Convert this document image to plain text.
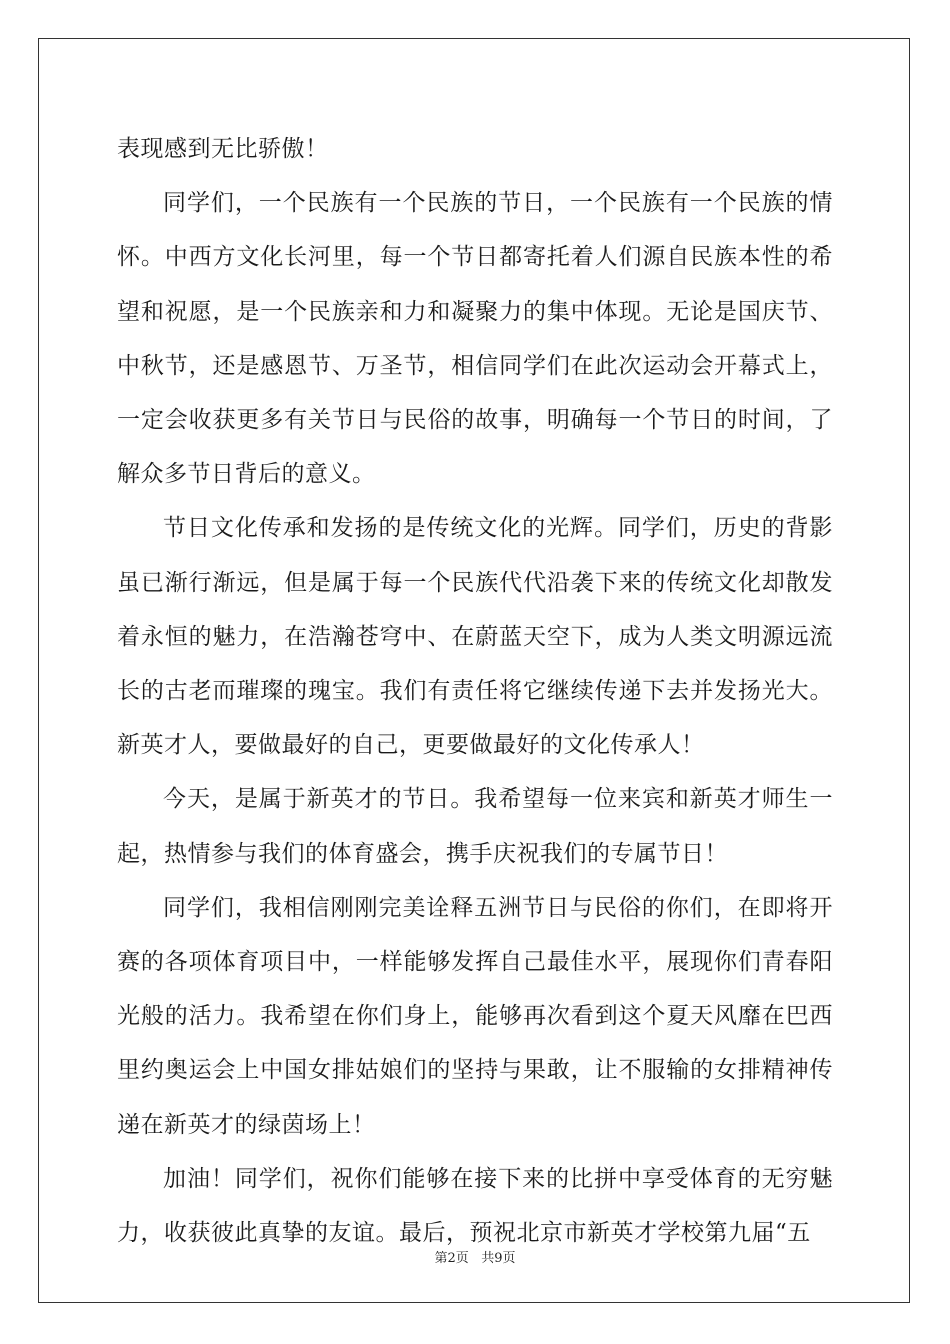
表现感到无比骄傲！

同学们，一个民族有一个民族的节日，一个民族有一个民族的情怀。中西方文化长河里，每一个节日都寄托着人们源自民族本性的希望和祝愿，是一个民族亲和力和凝聚力的集中体现。无论是国庆节、中秋节，还是感恩节、万圣节，相信同学们在此次运动会开幕式上，一定会收获更多有关节日与民俗的故事，明确每一个节日的时间，了解众多节日背后的意义。

节日文化传承和发扬的是传统文化的光辉。同学们，历史的背影虽已渐行渐远，但是属于每一个民族代代沿袭下来的传统文化却散发着永恒的魅力，在浩瀚苍穹中、在蔚蓝天空下，成为人类文明源远流长的古老而璀璨的瑰宝。我们有责任将它继续传递下去并发扬光大。新英才人，要做最好的自己，更要做最好的文化传承人！

今天，是属于新英才的节日。我希望每一位来宾和新英才师生一起，热情参与我们的体育盛会，携手庆祝我们的专属节日！

同学们，我相信刚刚完美诠释五洲节日与民俗的你们，在即将开赛的各项体育项目中，一样能够发挥自己最佳水平，展现你们青春阳光般的活力。我希望在你们身上，能够再次看到这个夏天风靡在巴西里约奥运会上中国女排姑娘们的坚持与果敢，让不服输的女排精神传递在新英才的绿茵场上！

加油！同学们，祝你们能够在接下来的比拼中享受体育的无穷魅力，收获彼此真挚的友谊。最后，预祝北京市新英才学校第九届“五

第2页 共9页
